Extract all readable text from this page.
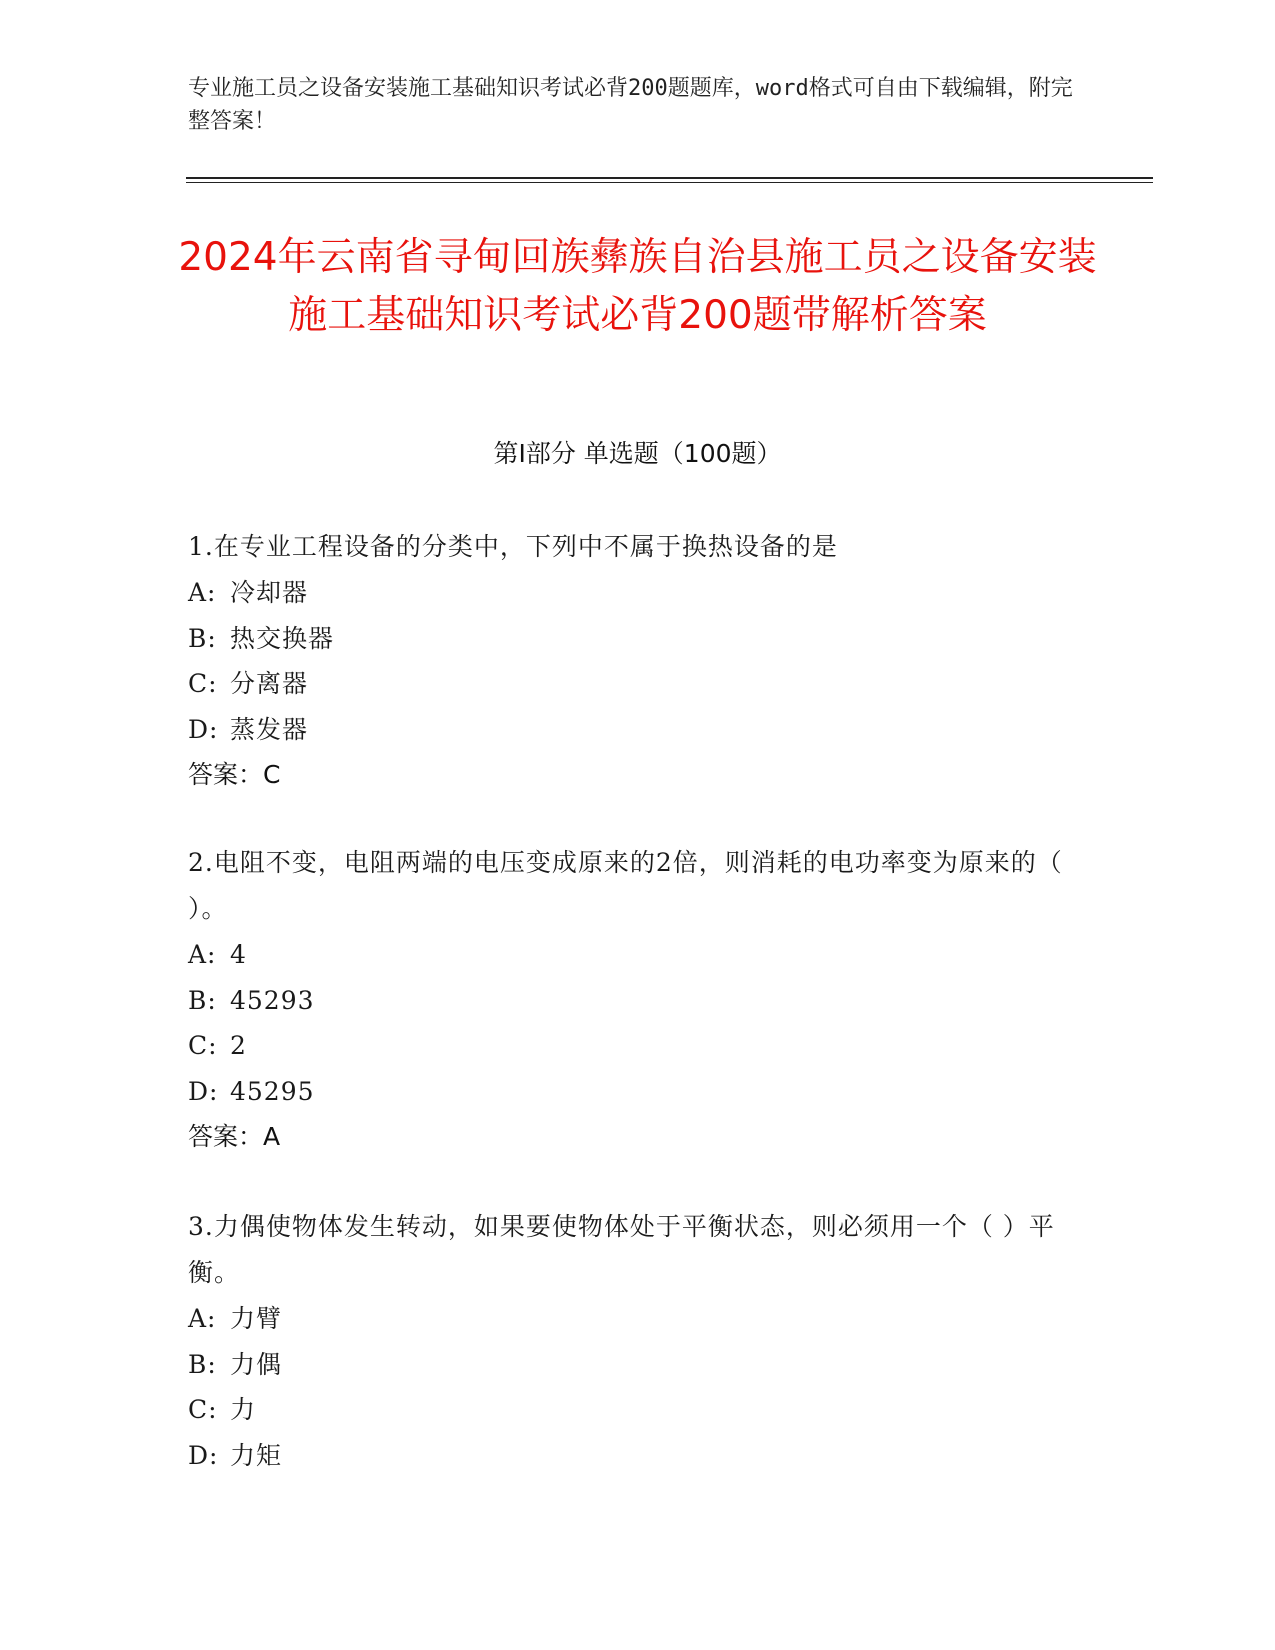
专业施工员之设备安装施工基础知识考试必背200题题库，word格式可自由下载编辑，附完整答案！
2024年云南省寻甸回族彝族自治县施工员之设备安装施工基础知识考试必背200题带解析答案
第I部分 单选题（100题）
1.在专业工程设备的分类中，下列中不属于换热设备的是
A: 冷却器
B: 热交换器
C: 分离器
D: 蒸发器
答案：C
2.电阻不变，电阻两端的电压变成原来的2倍，则消耗的电功率变为原来的（ ）。
A: 4
B: 45293
C: 2
D: 45295
答案：A
3.力偶使物体发生转动，如果要使物体处于平衡状态，则必须用一个（ ）平衡。
A: 力臂
B: 力偶
C: 力
D: 力矩
